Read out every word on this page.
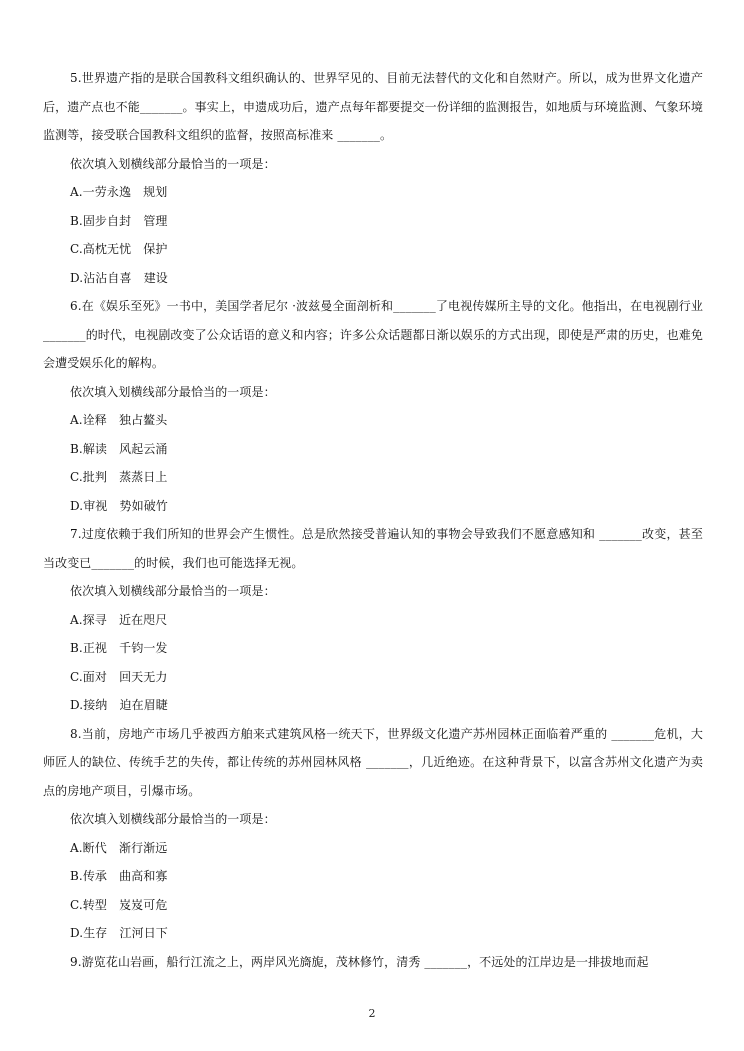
5.世界遗产指的是联合国教科文组织确认的、世界罕见的、目前无法替代的文化和自然财产。所以，成为世界文化遗产后，遗产点也不能_______。事实上，申遗成功后，遗产点每年都要提交一份详细的监测报告，如地质与环境监测、气象环境监测等，接受联合国教科文组织的监督，按照高标准来 _______。

依次填入划横线部分最恰当的一项是：

A.一劳永逸　规划

B.固步自封　管理

C.高枕无忧　保护

D.沾沾自喜　建设

6.在《娱乐至死》一书中，美国学者尼尔 ·波兹曼全面剖析和_______了电视传媒所主导的文化。他指出，在电视剧行业_______的时代，电视剧改变了公众话语的意义和内容；许多公众话题都日渐以娱乐的方式出现，即使是严肃的历史，也难免会遭受娱乐化的解构。

依次填入划横线部分最恰当的一项是：

A.诠释　独占鳌头

B.解读　风起云涌

C.批判　蒸蒸日上

D.审视　势如破竹

7.过度依赖于我们所知的世界会产生惯性。总是欣然接受普遍认知的事物会导致我们不愿意感知和 _______改变，甚至当改变已_______的时候，我们也可能选择无视。

依次填入划横线部分最恰当的一项是：

A.探寻　近在咫尺

B.正视　千钧一发

C.面对　回天无力

D.接纳　迫在眉睫

8.当前，房地产市场几乎被西方舶来式建筑风格一统天下，世界级文化遗产苏州园林正面临着严重的 _______危机，大师匠人的缺位、传统手艺的失传，都让传统的苏州园林风格 _______，几近绝迹。在这种背景下，以富含苏州文化遗产为卖点的房地产项目，引爆市场。

依次填入划横线部分最恰当的一项是：

A.断代　渐行渐远

B.传承　曲高和寡

C.转型　岌岌可危

D.生存　江河日下

9.游览花山岩画，船行江流之上，两岸风光旖旎，茂林修竹，清秀 _______，不远处的江岸边是一排拔地而起

2
